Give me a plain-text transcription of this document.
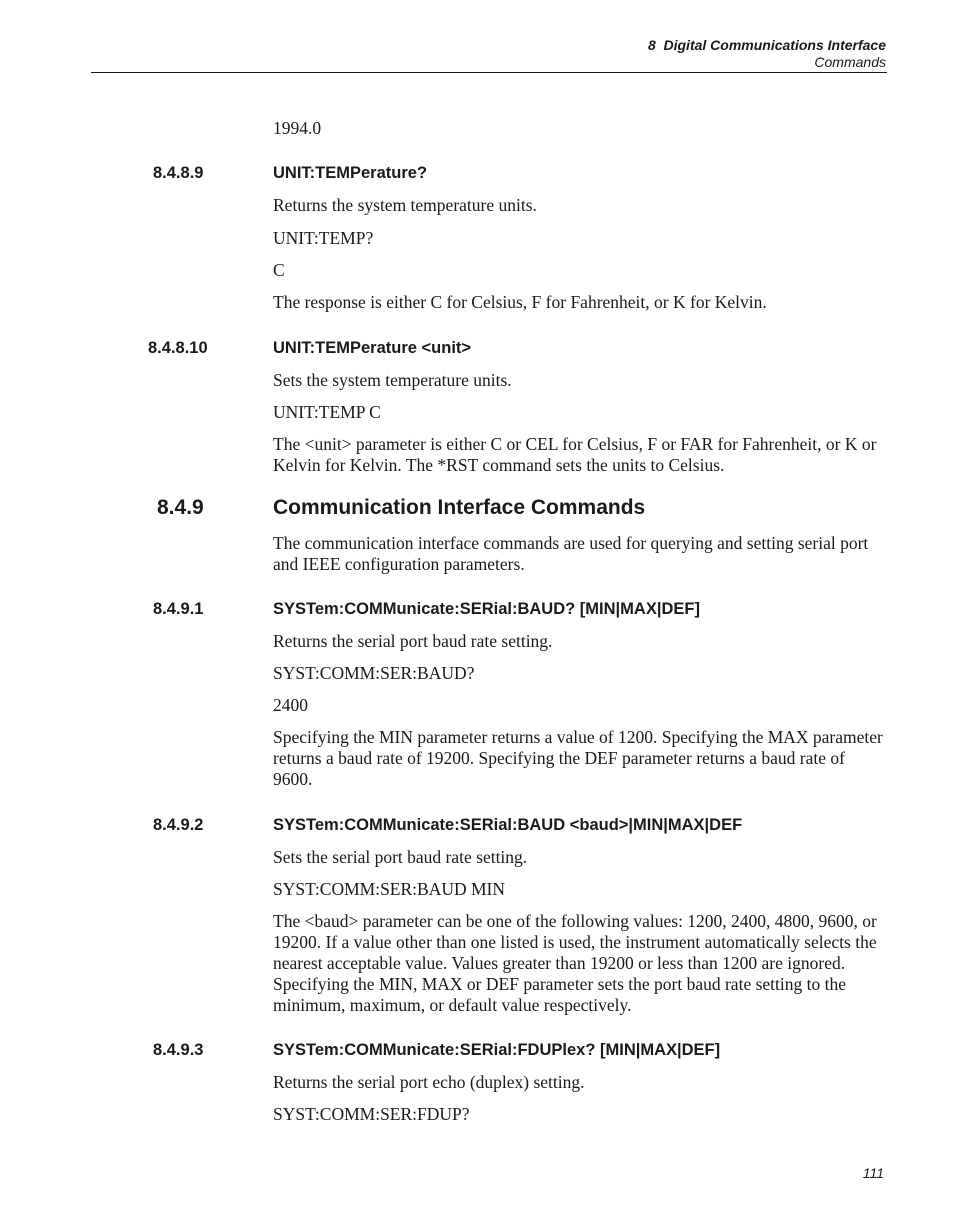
8  Digital Communications Interface
Commands

1994.0

8.4.8.9	UNIT:TEMPerature?

Returns the system temperature units.

UNIT:TEMP?

C

The response is either C for Celsius, F for Fahrenheit, or K for Kelvin.

8.4.8.10	UNIT:TEMPerature <unit>

Sets the system temperature units.

UNIT:TEMP C

The <unit> parameter is either C or CEL for Celsius, F or FAR for Fahrenheit, or K or Kelvin for Kelvin. The *RST command sets the units to Celsius.

8.4.9	Communication Interface Commands

The communication interface commands are used for querying and setting serial port and IEEE configuration parameters.

8.4.9.1	SYSTem:COMMunicate:SERial:BAUD? [MIN|MAX|DEF]

Returns the serial port baud rate setting.

SYST:COMM:SER:BAUD?

2400

Specifying the MIN parameter returns a value of 1200. Specifying the MAX parameter returns a baud rate of 19200. Specifying the DEF parameter returns a baud rate of 9600.

8.4.9.2	SYSTem:COMMunicate:SERial:BAUD <baud>|MIN|MAX|DEF

Sets the serial port baud rate setting.

SYST:COMM:SER:BAUD MIN

The <baud> parameter can be one of the following values: 1200, 2400, 4800, 9600, or 19200. If a value other than one listed is used, the instrument automatically selects the nearest acceptable value. Values greater than 19200 or less than 1200 are ignored. Specifying the MIN, MAX or DEF parameter sets the port baud rate setting to the minimum, maximum, or default value respectively.

8.4.9.3	SYSTem:COMMunicate:SERial:FDUPlex? [MIN|MAX|DEF]

Returns the serial port echo (duplex) setting.

SYST:COMM:SER:FDUP?

111
